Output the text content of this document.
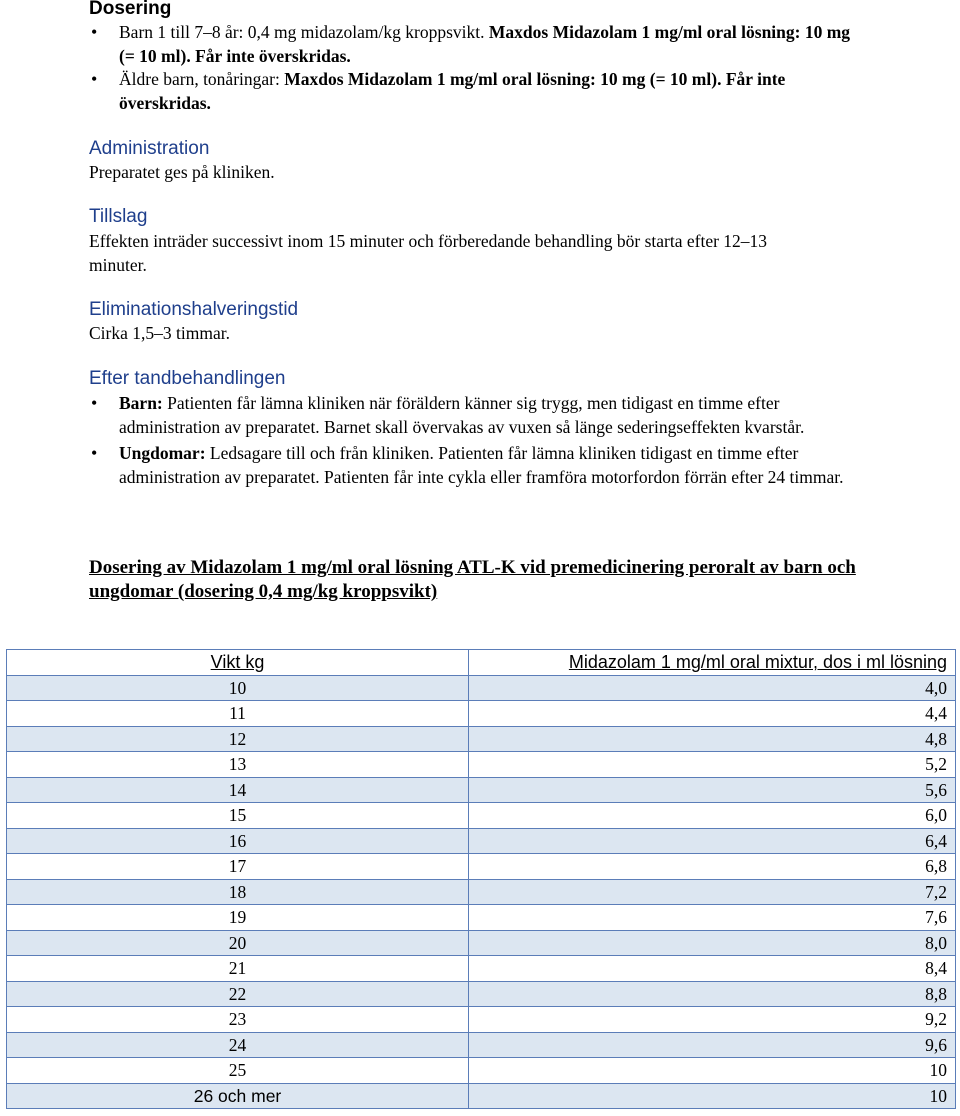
Dosering
• Barn 1 till 7–8 år: 0,4 mg midazolam/kg kroppsvikt. Maxdos Midazolam 1 mg/ml oral lösning: 10 mg (= 10 ml). Får inte överskridas.
• Äldre barn, tonåringar: Maxdos Midazolam 1 mg/ml oral lösning: 10 mg (= 10 ml). Får inte överskridas.
Administration
Preparatet ges på kliniken.
Tillslag
Effekten inträder successivt inom 15 minuter och förberedande behandling bör starta efter 12–13 minuter.
Eliminationshalveringstid
Cirka 1,5–3 timmar.
Efter tandbehandlingen
• Barn: Patienten får lämna kliniken när föräldern känner sig trygg, men tidigast en timme efter administration av preparatet. Barnet skall övervakas av vuxen så länge sederingseffekten kvarstår.
• Ungdomar: Ledsagare till och från kliniken. Patienten får lämna kliniken tidigast en timme efter administration av preparatet. Patienten får inte cykla eller framföra motorfordon förrän efter 24 timmar.
Dosering av Midazolam 1 mg/ml oral lösning ATL-K vid premedicinering peroralt av barn och ungdomar (dosering 0,4 mg/kg kroppsvikt)
Vikt kg	Midazolam 1 mg/ml oral mixtur, dos i ml lösning
10	4,0
11	4,4
12	4,8
13	5,2
14	5,6
15	6,0
16	6,4
17	6,8
18	7,2
19	7,6
20	8,0
21	8,4
22	8,8
23	9,2
24	9,6
25	10
26 och mer	10
